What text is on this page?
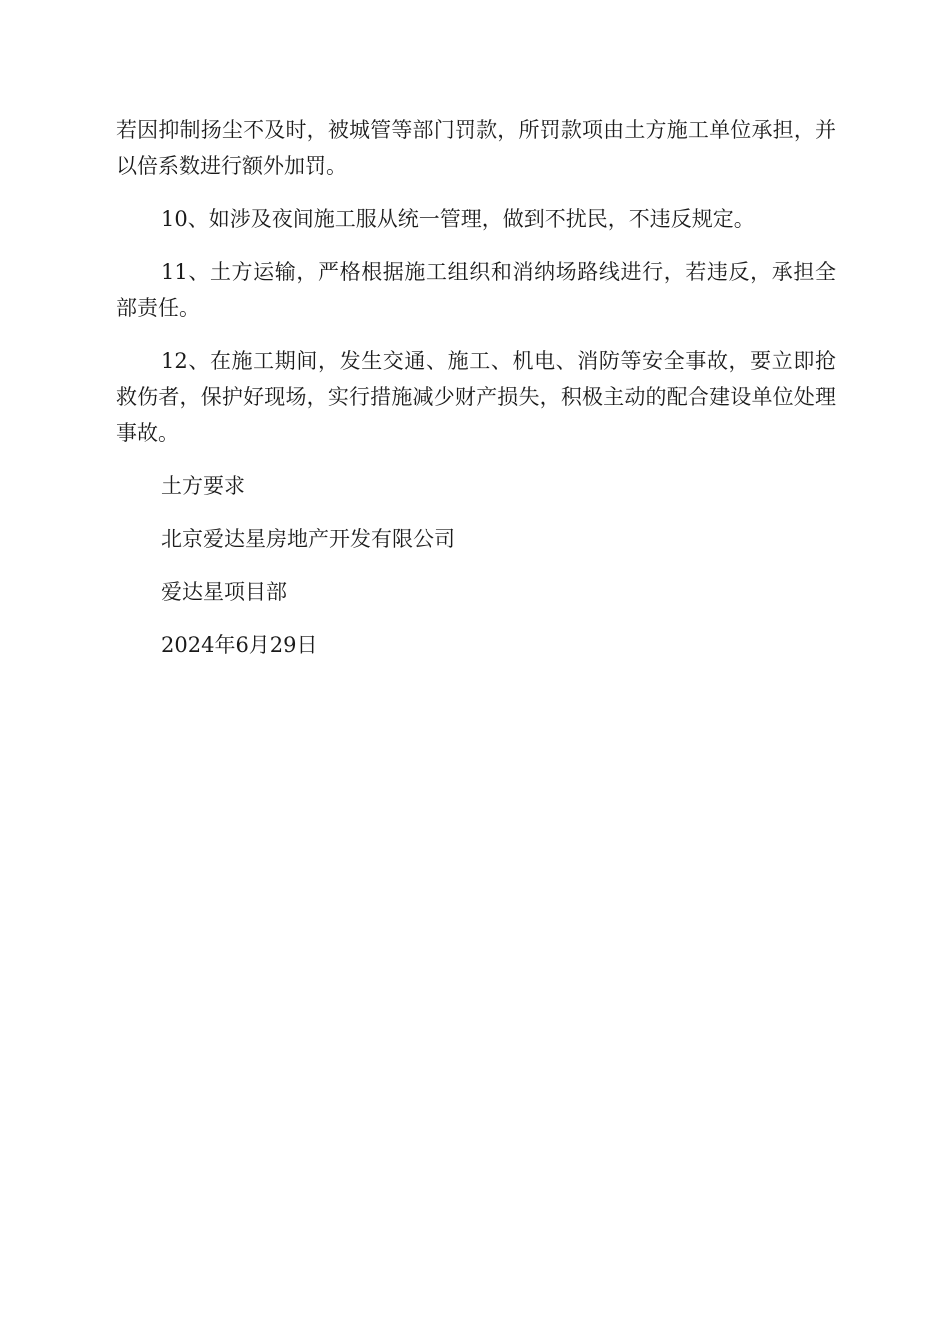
若因抑制扬尘不及时，被城管等部门罚款，所罚款项由土方施工单位承担，并以倍系数进行额外加罚。

10、如涉及夜间施工服从统一管理，做到不扰民，不违反规定。

11、土方运输，严格根据施工组织和消纳场路线进行，若违反，承担全部责任。

12、在施工期间，发生交通、施工、机电、消防等安全事故，要立即抢救伤者，保护好现场，实行措施减少财产损失，积极主动的配合建设单位处理事故。

土方要求

北京爱达星房地产开发有限公司

爱达星项目部

2024年6月29日
